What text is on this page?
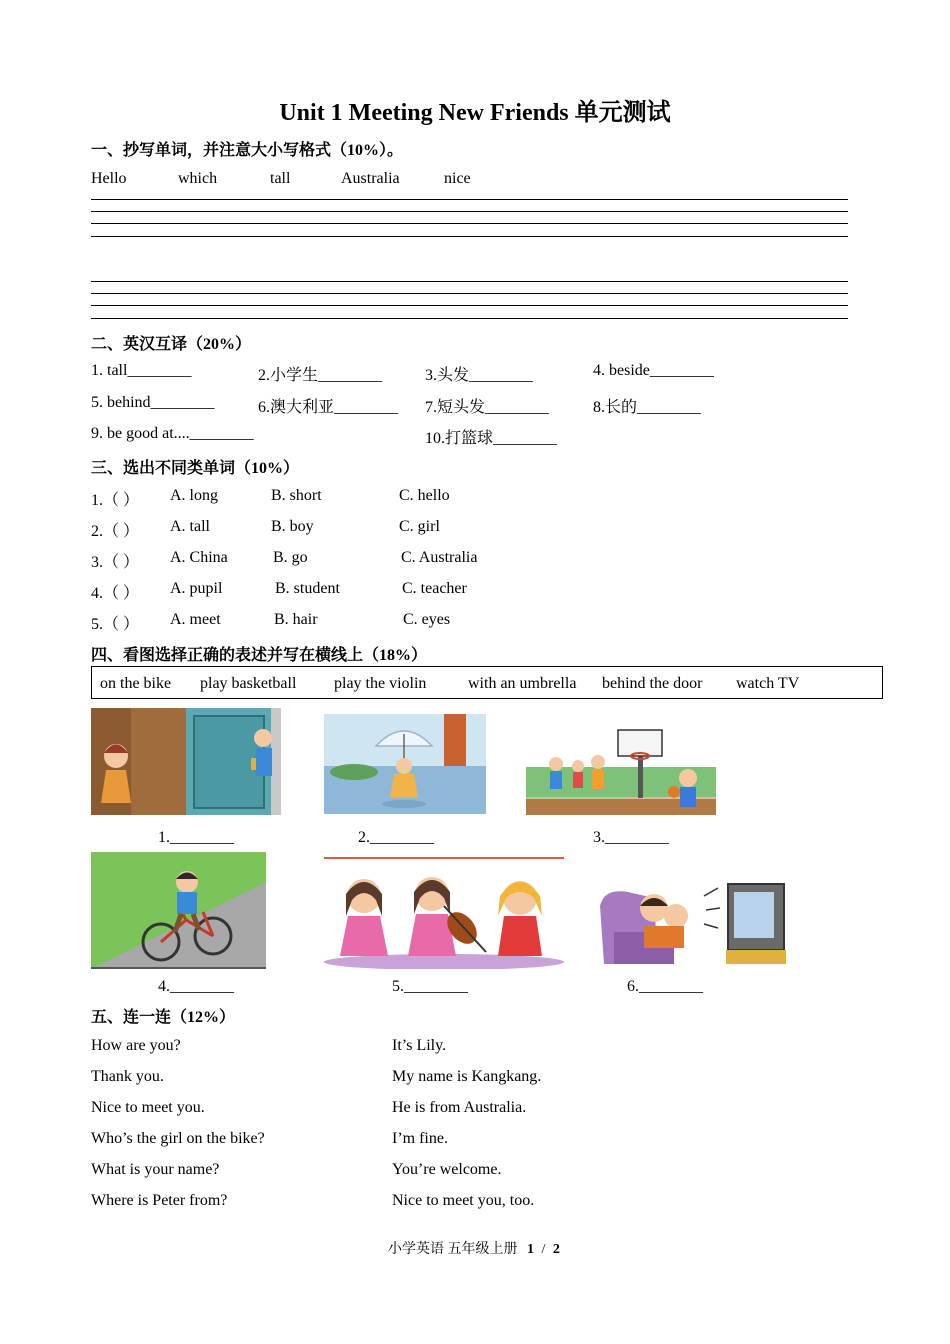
Unit 1 Meeting New Friends 单元测试
一、抄写单词，并注意大小写格式（10%）。
Hello	which	tall	Australia	nice
二、英汉互译（20%）
1. tall________	2.小学生________	3.头发________	4. beside________
5. behind________	6.澳大利亚________ 7.短头发________	8.长的________
9. be good at....________	10.打篮球________
三、选出不同类单词（10%）
1.（ ） A. long	B. short	C. hello
2.（ ） A. tall	B. boy	C. girl
3.（ ） A. China	B. go	C. Australia
4.（ ） A. pupil	B. student	C. teacher
5.（ ） A. meet	B. hair	C. eyes
四、看图选择正确的表述并写在横线上（18%）
on the bike play basketball play the violin	with an umbrella behind the door watch TV
1.________	2.________	3.________
4.________	5.________	6.________
五、连一连（12%）
How are you?
Thank you.
Nice to meet you.
Who’s the girl on the bike?
What is your name?
Where is Peter from?
It’s Lily.
My name is Kangkang.
He is from Australia.
I’m fine.
You’re welcome.
Nice to meet you, too.
小学英语 五年级上册 1 / 2
